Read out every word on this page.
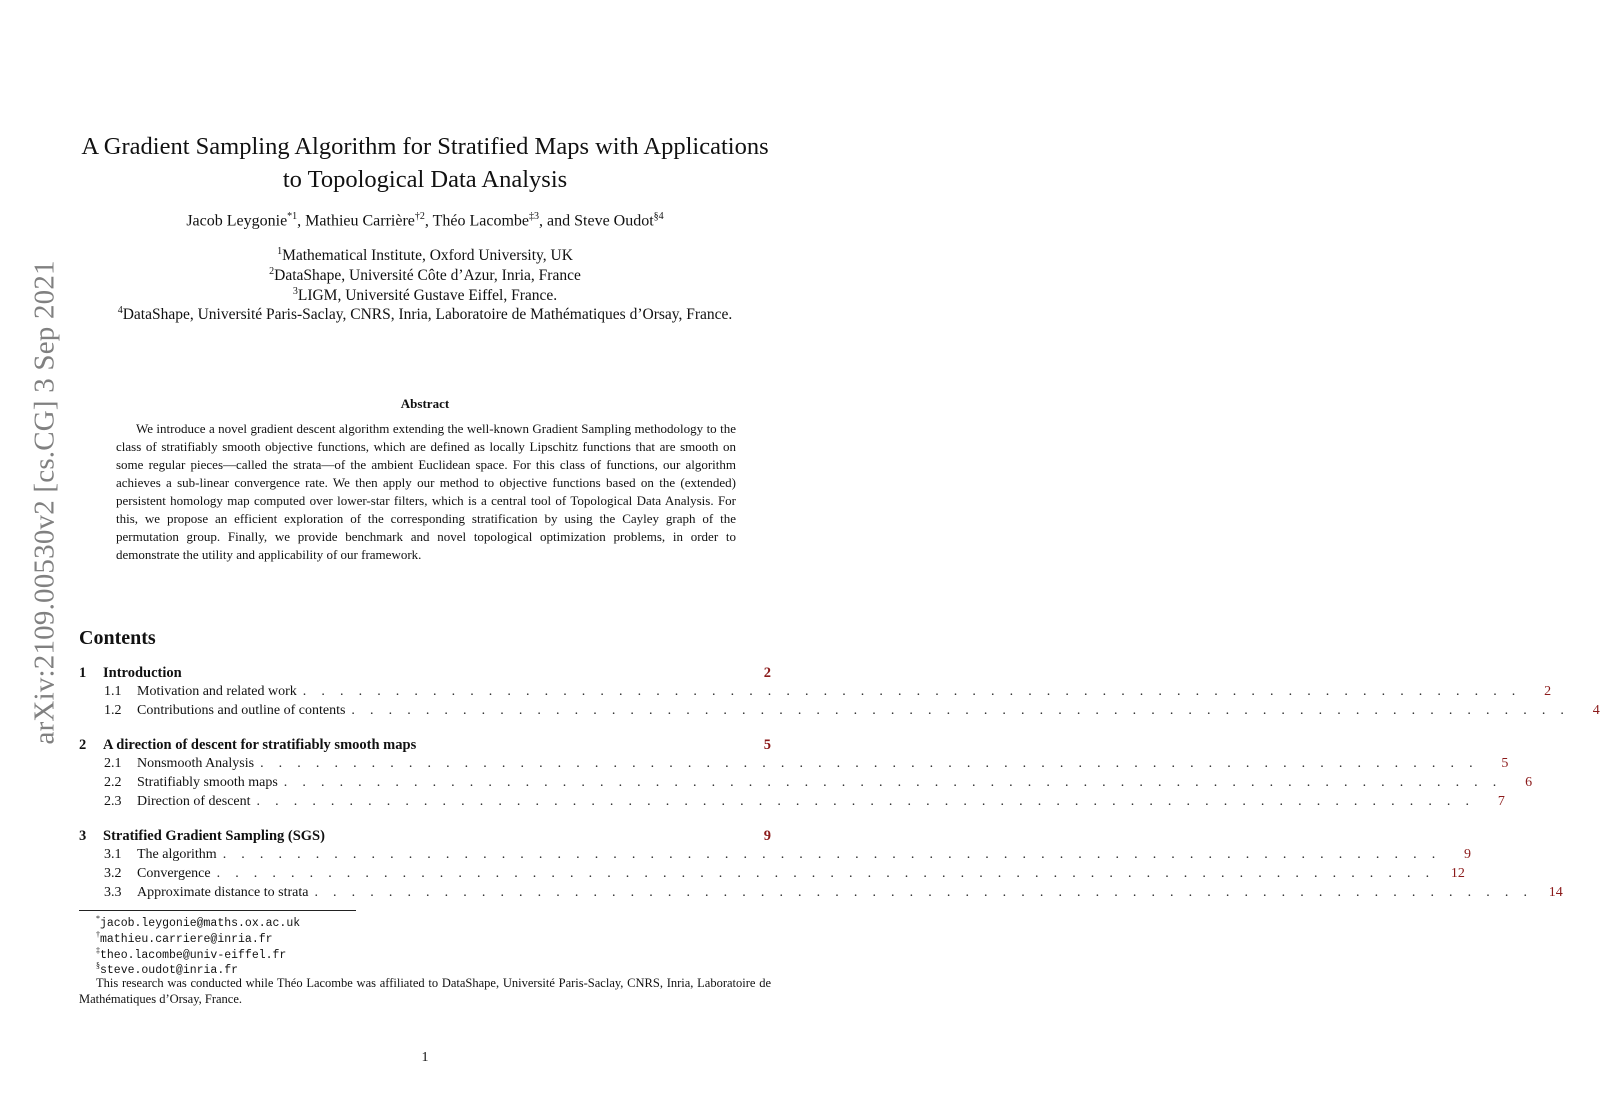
arXiv:2109.00530v2 [cs.CG] 3 Sep 2021
A Gradient Sampling Algorithm for Stratified Maps with Applications
to Topological Data Analysis
Jacob Leygonie$^{*1}$, Mathieu Carrière$^{\dagger 2}$, Théo Lacombe$^{\ddagger 3}$, and Steve Oudot$^{\S 4}$
$^1$Mathematical Institute, Oxford University, UK
$^2$DataShape, Université Côte d’Azur, Inria, France
$^3$LIGM, Université Gustave Eiffel, France.
$^4$DataShape, Université Paris-Saclay, CNRS, Inria, Laboratoire de Mathématiques d’Orsay, France.
Abstract
We introduce a novel gradient descent algorithm extending the well-known Gradient Sampling methodology to the class of stratifiably smooth objective functions, which are defined as locally Lipschitz functions that are smooth on some regular pieces—called the strata—of the ambient Euclidean space. For this class of functions, our algorithm achieves a sub-linear convergence rate. We then apply our method to objective functions based on the (extended) persistent homology map computed over lower-star filters, which is a central tool of Topological Data Analysis. For this, we propose an efficient exploration of the corresponding stratification by using the Cayley graph of the permutation group. Finally, we provide benchmark and novel topological optimization problems, in order to demonstrate the utility and applicability of our framework.
Contents
1	Introduction	2
1.1	Motivation and related work . . . . . . . . . . . . . . . . . . . . . . . . . . . . . . . . . . . . . . . . . . . . . . . . . . . . . . . . . . . . . . . . . .	2
1.2	Contributions and outline of contents . . . . . . . . . . . . . . . . . . . . . . . . . . . . . . . . . . . . . . . . . . . . . . . . . . . . . . . . . . . . . . . . . .	4
2	A direction of descent for stratifiably smooth maps	5
2.1	Nonsmooth Analysis . . . . . . . . . . . . . . . . . . . . . . . . . . . . . . . . . . . . . . . . . . . . . . . . . . . . . . . . . . . . . . . . . .	5
2.2	Stratifiably smooth maps . . . . . . . . . . . . . . . . . . . . . . . . . . . . . . . . . . . . . . . . . . . . . . . . . . . . . . . . . . . . . . . . . .	6
2.3	Direction of descent . . . . . . . . . . . . . . . . . . . . . . . . . . . . . . . . . . . . . . . . . . . . . . . . . . . . . . . . . . . . . . . . . .	7
3	Stratified Gradient Sampling (SGS)	9
3.1	The algorithm . . . . . . . . . . . . . . . . . . . . . . . . . . . . . . . . . . . . . . . . . . . . . . . . . . . . . . . . . . . . . . . . . .	9
3.2	Convergence . . . . . . . . . . . . . . . . . . . . . . . . . . . . . . . . . . . . . . . . . . . . . . . . . . . . . . . . . . . . . . . . . .	12
3.3	Approximate distance to strata . . . . . . . . . . . . . . . . . . . . . . . . . . . . . . . . . . . . . . . . . . . . . . . . . . . . . . . . . . . . . . . . . .	14
*jacob.leygonie@maths.ox.ac.uk
†mathieu.carriere@inria.fr
‡theo.lacombe@univ-eiffel.fr
§steve.oudot@inria.fr
This research was conducted while Théo Lacombe was affiliated to DataShape, Université Paris-Saclay, CNRS, Inria, Laboratoire de Mathématiques d’Orsay, France.
1
